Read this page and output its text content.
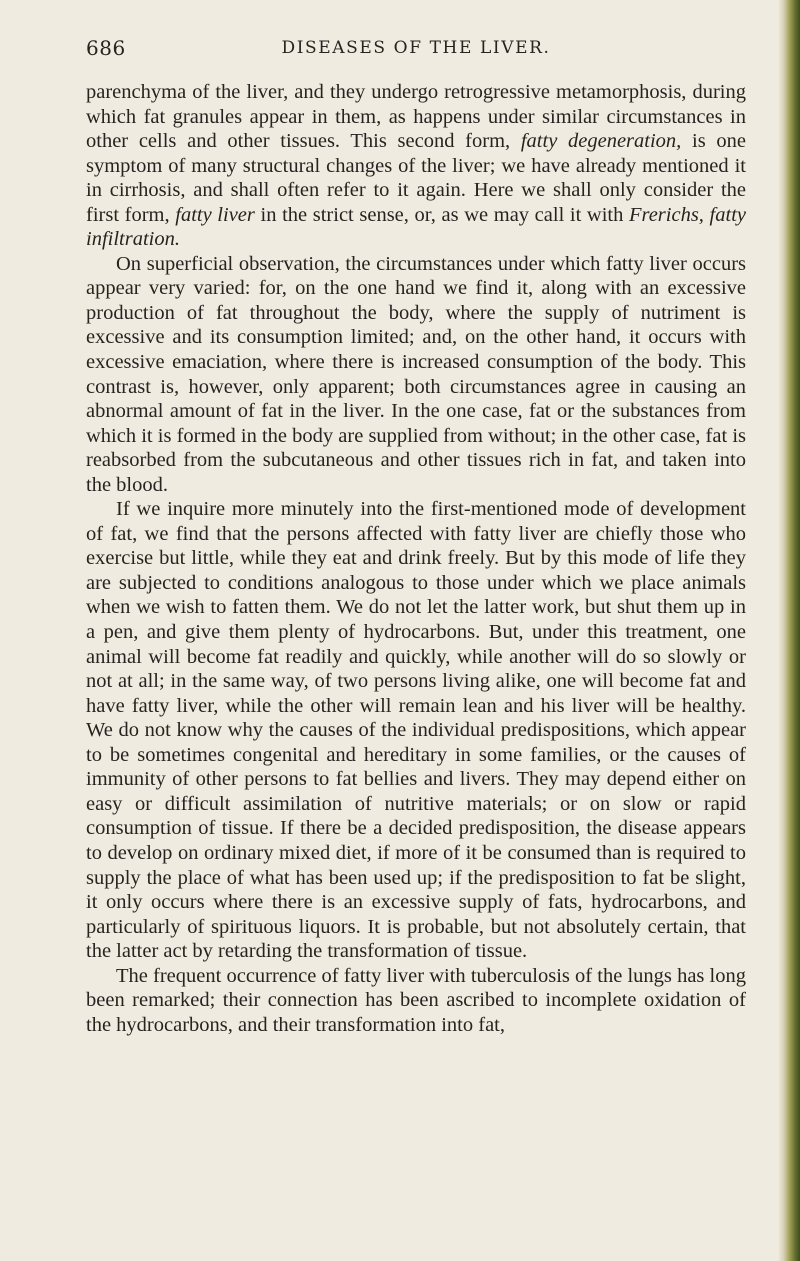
686	DISEASES OF THE LIVER.

parenchyma of the liver, and they undergo retrogressive metamorphosis, during which fat granules appear in them, as happens under similar circumstances in other cells and other tissues. This second form, fatty degeneration, is one symptom of many structural changes of the liver; we have already mentioned it in cirrhosis, and shall often refer to it again. Here we shall only consider the first form, fatty liver in the strict sense, or, as we may call it with Frerichs, fatty infiltration.

On superficial observation, the circumstances under which fatty liver occurs appear very varied: for, on the one hand we find it, along with an excessive production of fat throughout the body, where the supply of nutriment is excessive and its consumption limited; and, on the other hand, it occurs with excessive emaciation, where there is increased consumption of the body. This contrast is, however, only apparent; both circumstances agree in causing an abnormal amount of fat in the liver. In the one case, fat or the substances from which it is formed in the body are supplied from without; in the other case, fat is reabsorbed from the subcutaneous and other tissues rich in fat, and taken into the blood.

If we inquire more minutely into the first-mentioned mode of development of fat, we find that the persons affected with fatty liver are chiefly those who exercise but little, while they eat and drink freely. But by this mode of life they are subjected to conditions analogous to those under which we place animals when we wish to fatten them. We do not let the latter work, but shut them up in a pen, and give them plenty of hydrocarbons. But, under this treatment, one animal will become fat readily and quickly, while another will do so slowly or not at all; in the same way, of two persons living alike, one will become fat and have fatty liver, while the other will remain lean and his liver will be healthy. We do not know why the causes of the individual predispositions, which appear to be sometimes congenital and hereditary in some families, or the causes of immunity of other persons to fat bellies and livers. They may depend either on easy or difficult assimilation of nutritive materials; or on slow or rapid consumption of tissue. If there be a decided predisposition, the disease appears to develop on ordinary mixed diet, if more of it be consumed than is required to supply the place of what has been used up; if the predisposition to fat be slight, it only occurs where there is an excessive supply of fats, hydrocarbons, and particularly of spirituous liquors. It is probable, but not absolutely certain, that the latter act by retarding the transformation of tissue.

The frequent occurrence of fatty liver with tuberculosis of the lungs has long been remarked; their connection has been ascribed to incomplete oxidation of the hydrocarbons, and their transformation into fat,
